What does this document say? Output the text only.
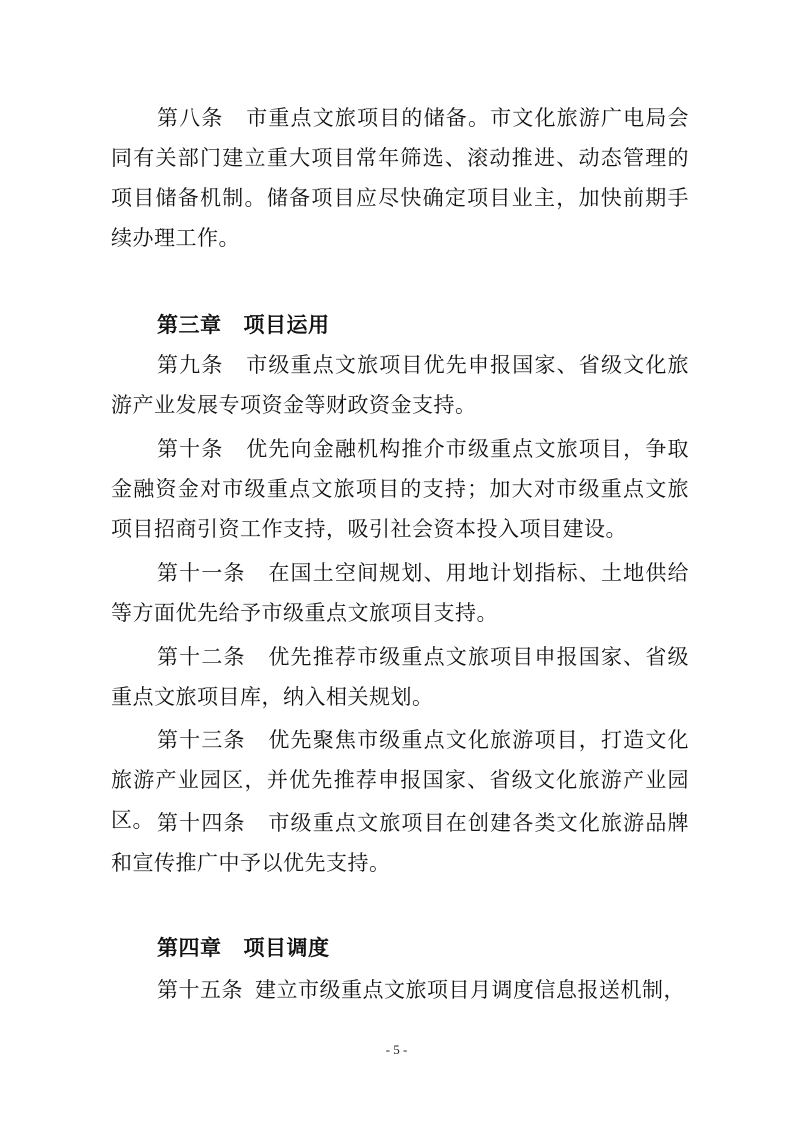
第八条 市重点文旅项目的储备。市文化旅游广电局会同有关部门建立重大项目常年筛选、滚动推进、动态管理的项目储备机制。储备项目应尽快确定项目业主，加快前期手续办理工作。

第三章 项目运用

第九条 市级重点文旅项目优先申报国家、省级文化旅游产业发展专项资金等财政资金支持。

第十条 优先向金融机构推介市级重点文旅项目，争取金融资金对市级重点文旅项目的支持；加大对市级重点文旅项目招商引资工作支持，吸引社会资本投入项目建设。

第十一条 在国土空间规划、用地计划指标、土地供给等方面优先给予市级重点文旅项目支持。

第十二条 优先推荐市级重点文旅项目申报国家、省级重点文旅项目库，纳入相关规划。

第十三条 优先聚焦市级重点文化旅游项目，打造文化旅游产业园区，并优先推荐申报国家、省级文化旅游产业园区。 第十四条 市级重点文旅项目在创建各类文化旅游品牌和宣传推广中予以优先支持。

第四章 项目调度

第十五条 建立市级重点文旅项目月调度信息报送机制，

- 5 -
